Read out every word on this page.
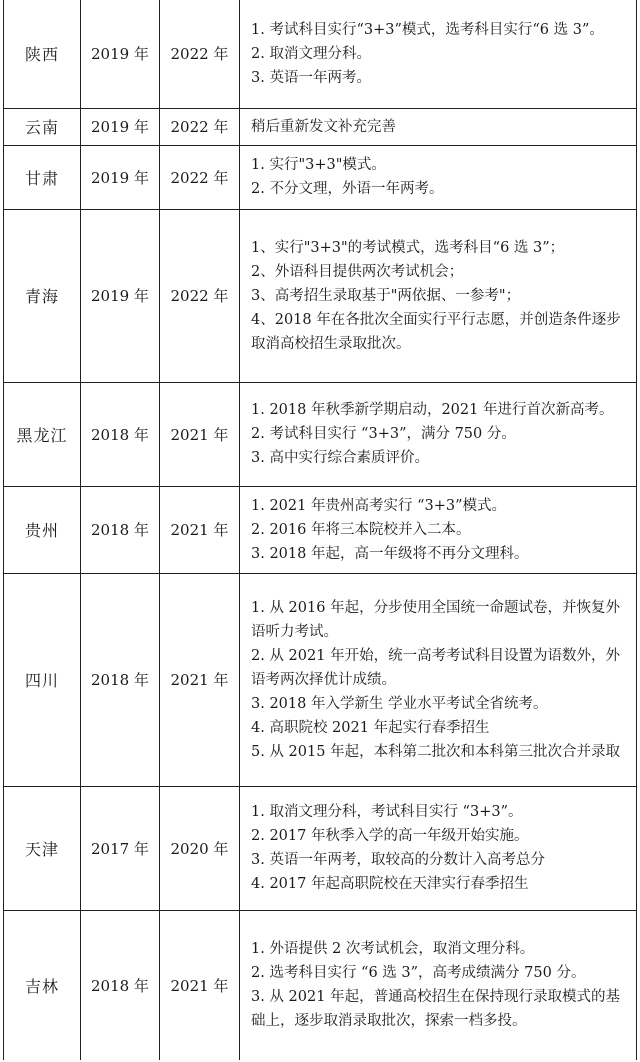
陕西	2019 年	2022 年	1. 考试科目实行“3+3”模式，选考科目实行“6 选 3”。
2. 取消文理分科。
3. 英语一年两考。

云南	2019 年	2022 年	稍后重新发文补充完善

甘肃	2019 年	2022 年	1. 实行"3+3"模式。
2. 不分文理，外语一年两考。

青海	2019 年	2022 年	1、实行"3+3"的考试模式，选考科目“6 选 3”；
2、外语科目提供两次考试机会；
3、高考招生录取基于"两依据、一参考"；
4、2018 年在各批次全面实行平行志愿，并创造条件逐步取消高校招生录取批次。

黑龙江	2018 年	2021 年	1. 2018 年秋季新学期启动，2021 年进行首次新高考。
2. 考试科目实行 “3+3”，满分 750 分。
3. 高中实行综合素质评价。

贵州	2018 年	2021 年	1. 2021 年贵州高考实行 “3+3”模式。
2. 2016 年将三本院校并入二本。
3. 2018 年起，高一年级将不再分文理科。

四川	2018 年	2021 年	1. 从 2016 年起，分步使用全国统一命题试卷，并恢复外语听力考试。
2. 从 2021 年开始，统一高考考试科目设置为语数外，外语考两次择优计成绩。
3. 2018 年入学新生 学业水平考试全省统考。
4. 高职院校 2021 年起实行春季招生
5. 从 2015 年起，本科第二批次和本科第三批次合并录取

天津	2017 年	2020 年	1. 取消文理分科，考试科目实行 “3+3”。
2. 2017 年秋季入学的高一年级开始实施。
3. 英语一年两考，取较高的分数计入高考总分
4. 2017 年起高职院校在天津实行春季招生

吉林	2018 年	2021 年	1. 外语提供 2 次考试机会，取消文理分科。
2. 选考科目实行 “6 选 3”，高考成绩满分 750 分。
3. 从 2021 年起，普通高校招生在保持现行录取模式的基础上，逐步取消录取批次，探索一档多投。
